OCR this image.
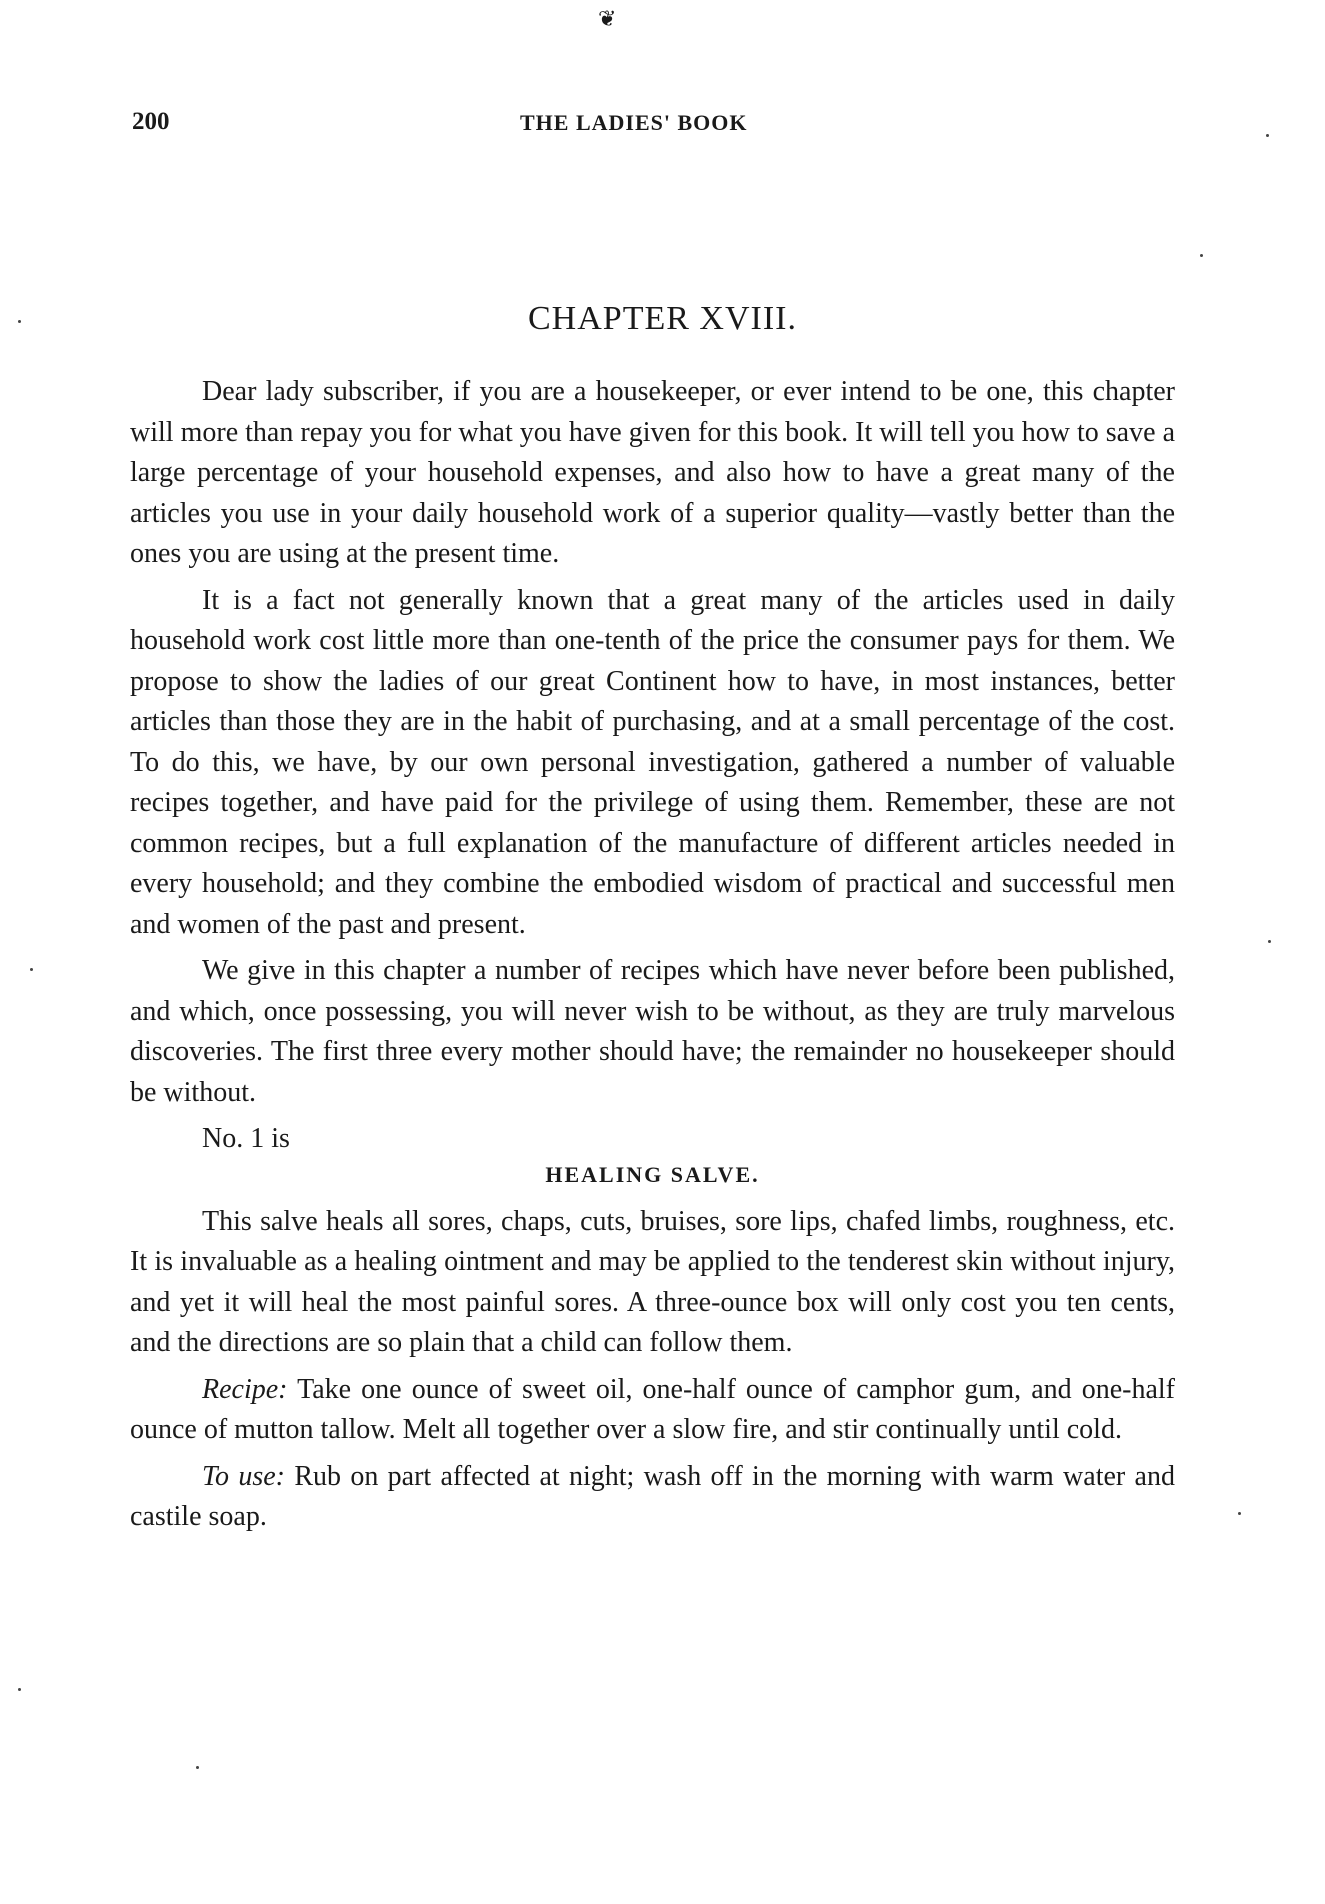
❦
200	THE LADIES' BOOK
CHAPTER XVIII.

Dear lady subscriber, if you are a housekeeper, or ever intend to be one, this chapter will more than repay you for what you have given for this book. It will tell you how to save a large percentage of your household expenses, and also how to have a great many of the articles you use in your daily household work of a superior quality—vastly better than the ones you are using at the present time.

It is a fact not generally known that a great many of the articles used in daily household work cost little more than one-tenth of the price the consumer pays for them. We propose to show the ladies of our great Continent how to have, in most instances, better articles than those they are in the habit of purchasing, and at a small percentage of the cost. To do this, we have, by our own personal investigation, gathered a number of valuable recipes together, and have paid for the privilege of using them. Remember, these are not common recipes, but a full explanation of the manufacture of different articles needed in every household; and they combine the embodied wisdom of practical and successful men and women of the past and present.

We give in this chapter a number of recipes which have never before been published, and which, once possessing, you will never wish to be without, as they are truly marvelous discoveries. The first three every mother should have; the remainder no housekeeper should be without.

No. 1 is
HEALING SALVE.

This salve heals all sores, chaps, cuts, bruises, sore lips, chafed limbs, roughness, etc. It is invaluable as a healing ointment and may be applied to the tenderest skin without injury, and yet it will heal the most painful sores. A three-ounce box will only cost you ten cents, and the directions are so plain that a child can follow them.

Recipe: Take one ounce of sweet oil, one-half ounce of camphor gum, and one-half ounce of mutton tallow. Melt all together over a slow fire, and stir continually until cold.

To use: Rub on part affected at night; wash off in the morning with warm water and castile soap.
